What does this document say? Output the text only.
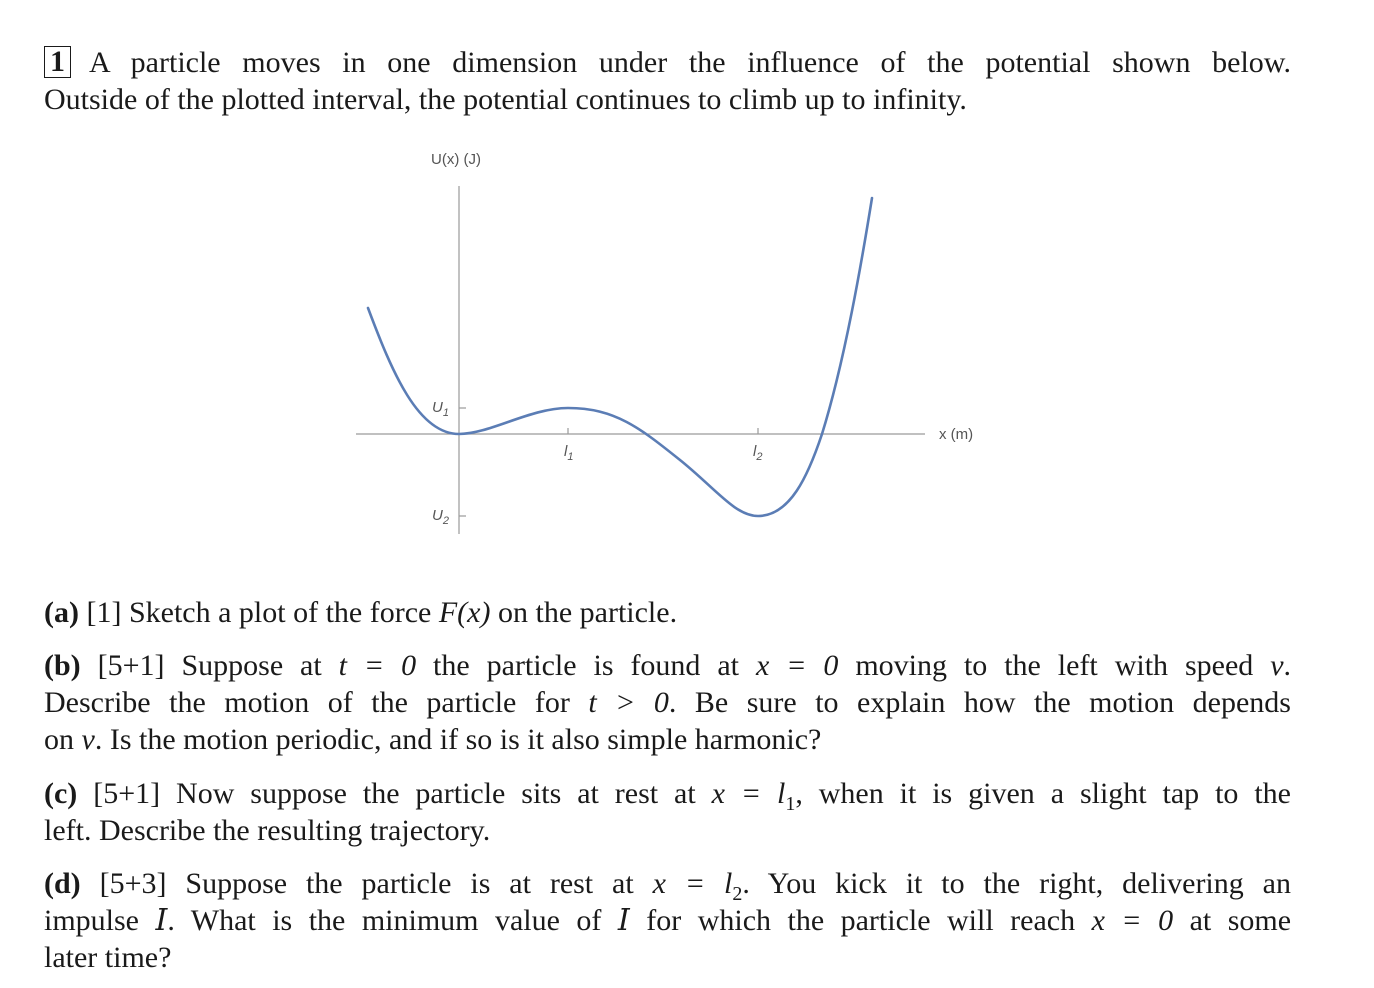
1 A particle moves in one dimension under the influence of the potential shown below.
Outside of the plotted interval, the potential continues to climb up to infinity.
U(x) (J)
x (m)
$U_1$
$U_2$
$l_1$	$l_2$
(a) [1] Sketch a plot of the force F(x) on the particle.
(b) [5+1] Suppose at t = 0 the particle is found at x = 0 moving to the left with speed v.
Describe the motion of the particle for t > 0. Be sure to explain how the motion depends
on v. Is the motion periodic, and if so is it also simple harmonic?
(c) [5+1] Now suppose the particle sits at rest at $x = l_1$, when it is given a slight tap to the
left. Describe the resulting trajectory.
(d) [5+3] Suppose the particle is at rest at $x = l_2$. You kick it to the right, delivering an
impulse I. What is the minimum value of I for which the particle will reach x = 0 at some
later time?
